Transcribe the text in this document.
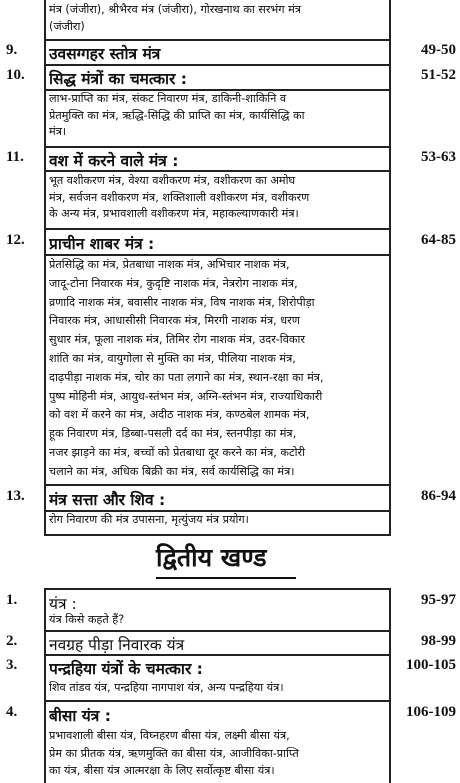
मंत्र (जंजीरा), श्रीभैरव मंत्र (जंजीरा), गोरखनाथ का सरभंग मंत्र
(जंजीरा)
9.	उवसग्गहर स्तोत्र मंत्र	49-50
10.	सिद्ध मंत्रों का चमत्कार :	51-52
लाभ-प्राप्ति का मंत्र, संकट निवारण मंत्र, डाकिनी-शाकिनि व
प्रेतमुक्ति का मंत्र, ऋद्धि-सिद्धि की प्राप्ति का मंत्र, कार्यसिद्धि का
मंत्र।
11.	वश में करने वाले मंत्र :	53-63
भूत वशीकरण मंत्र, वेश्या वशीकरण मंत्र, वशीकरण का अमोघ
मंत्र, सर्वजन वशीकरण मंत्र, शक्तिशाली वशीकरण मंत्र, वशीकरण
के अन्य मंत्र, प्रभावशाली वशीकरण मंत्र, महाकल्याणकारी मंत्र।
12.	प्राचीन शाबर मंत्र :	64-85
प्रेतसिद्धि का मंत्र, प्रेतबाधा नाशक मंत्र, अभिचार नाशक मंत्र,
जादू-टोना निवारक मंत्र, कुदृष्टि नाशक मंत्र, नेत्ररोग नाशक मंत्र,
व्रणादि नाशक मंत्र, बवासीर नाशक मंत्र, विष नाशक मंत्र, शिरोपीड़ा
निवारक मंत्र, आधासीसी निवारक मंत्र, मिरगी नाशक मंत्र, धरण
सुधार मंत्र, फूला नाशक मंत्र, तिमिर रोग नाशक मंत्र, उदर-विकार
शांति का मंत्र, वायुगोला से मुक्ति का मंत्र, पीलिया नाशक मंत्र,
दाढ़पीड़ा नाशक मंत्र, चोर का पता लगाने का मंत्र, स्थान-रक्षा का मंत्र,
पुष्प मोहिनी मंत्र, आयुध-स्तंभन मंत्र, अग्नि-स्तंभन मंत्र, राज्याधिकारी
को वश में करने का मंत्र, अदीठ नाशक मंत्र, कण्ठबेल शामक मंत्र,
हूक निवारण मंत्र, डिब्बा-पसली दर्द का मंत्र, स्तनपीड़ा का मंत्र,
नजर झाड़ने का मंत्र, बच्चों को प्रेतबाधा दूर करने का मंत्र, कटोरी
चलाने का मंत्र, अधिक बिक्री का मंत्र, सर्व कार्यसिद्धि का मंत्र।
13.	मंत्र सत्ता और शिव :	86-94
रोग निवारण की मंत्र उपासना, मृत्युंजय मंत्र प्रयोग।
द्वितीय खण्ड
1.	यंत्र :	95-97
यंत्र किसे कहते हैं?
2.	नवग्रह पीड़ा निवारक यंत्र	98-99
3.	पन्द्रहिया यंत्रों के चमत्कार :	100-105
शिव तांडव यंत्र, पन्द्रहिया नागपाश यंत्र, अन्य पन्द्रहिया यंत्र।
4.	बीसा यंत्र :	106-109
प्रभावशाली बीसा यंत्र, विघ्नहरण बीसा यंत्र, लक्ष्मी बीसा यंत्र,
प्रेम का प्रीतक यंत्र, ऋणमुक्ति का बीसा यंत्र, आजीविका-प्राप्ति
का यंत्र, बीसा यंत्र आत्मरक्षा के लिए सर्वोत्कृष्ट बीसा यंत्र।
